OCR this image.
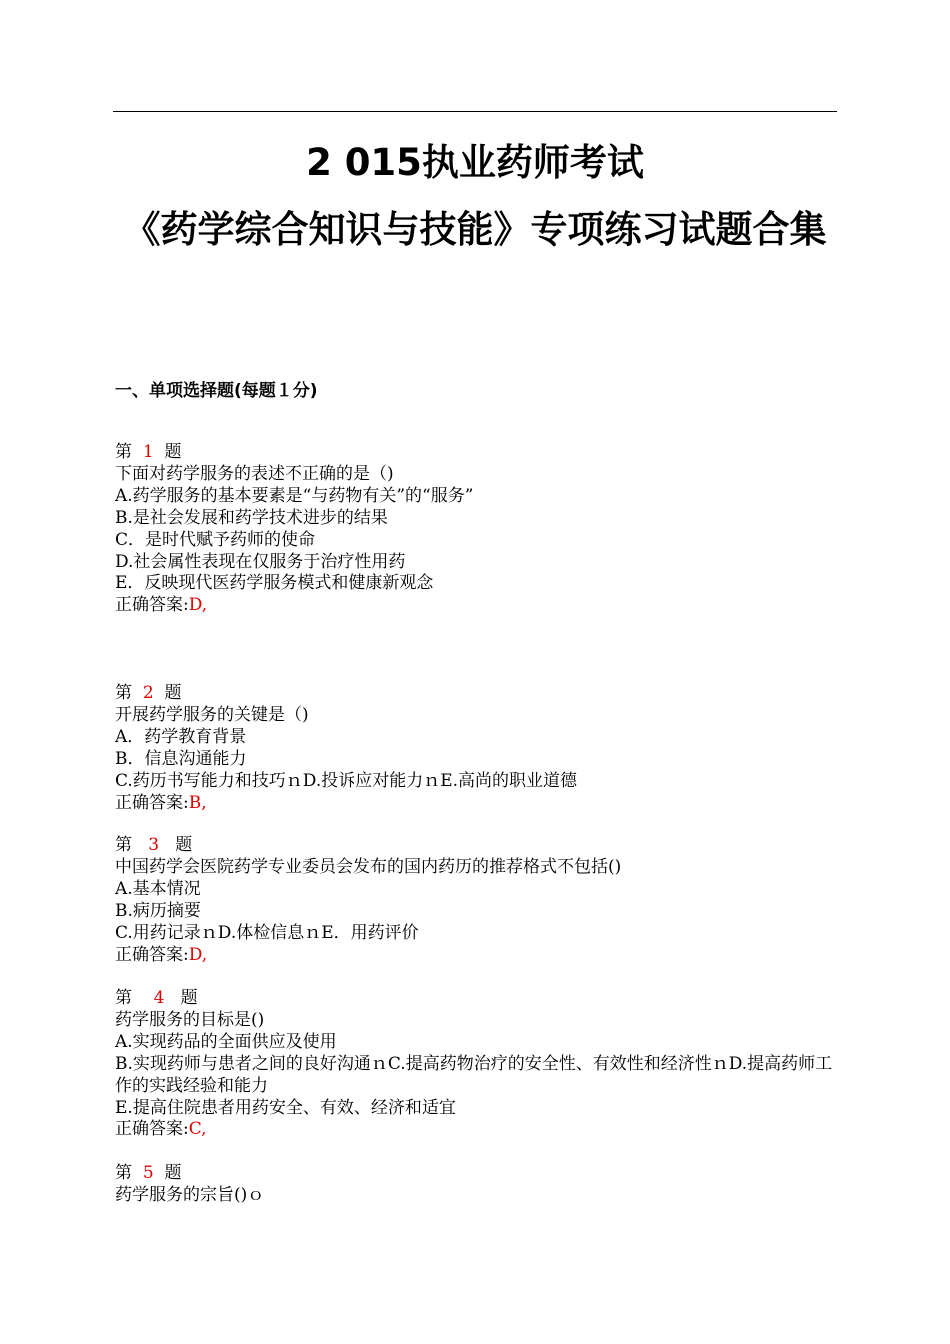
2 015执业药师考试
《药学综合知识与技能》专项练习试题合集
一、单项选择题(每题１分)
第 1 题
下面对药学服务的表述不正确的是（)
A.药学服务的基本要素是“与药物有关”的“服务”
B.是社会发展和药学技术进步的结果
C．是时代赋予药师的使命
D.社会属性表现在仅服务于治疗性用药
E．反映现代医药学服务模式和健康新观念
正确答案:D,
第 2 题
开展药学服务的关键是（)
A．药学教育背景
B．信息沟通能力
C.药历书写能力和技巧ｎD.投诉应对能力ｎE.高尚的职业道德
正确答案:B,
第 3 题
中国药学会医院药学专业委员会发布的国内药历的推荐格式不包括()
A.基本情况
B.病历摘要
C.用药记录ｎD.体检信息ｎE．用药评价
正确答案:D,
第 4 题
药学服务的目标是()
A.实现药品的全面供应及使用
B.实现药师与患者之间的良好沟通ｎC.提高药物治疗的安全性、有效性和经济性ｎD.提高药师工作的实践经验和能力
E.提高住院患者用药安全、有效、经济和适宜
正确答案:C,
第 5 题
药学服务的宗旨()ｏ
